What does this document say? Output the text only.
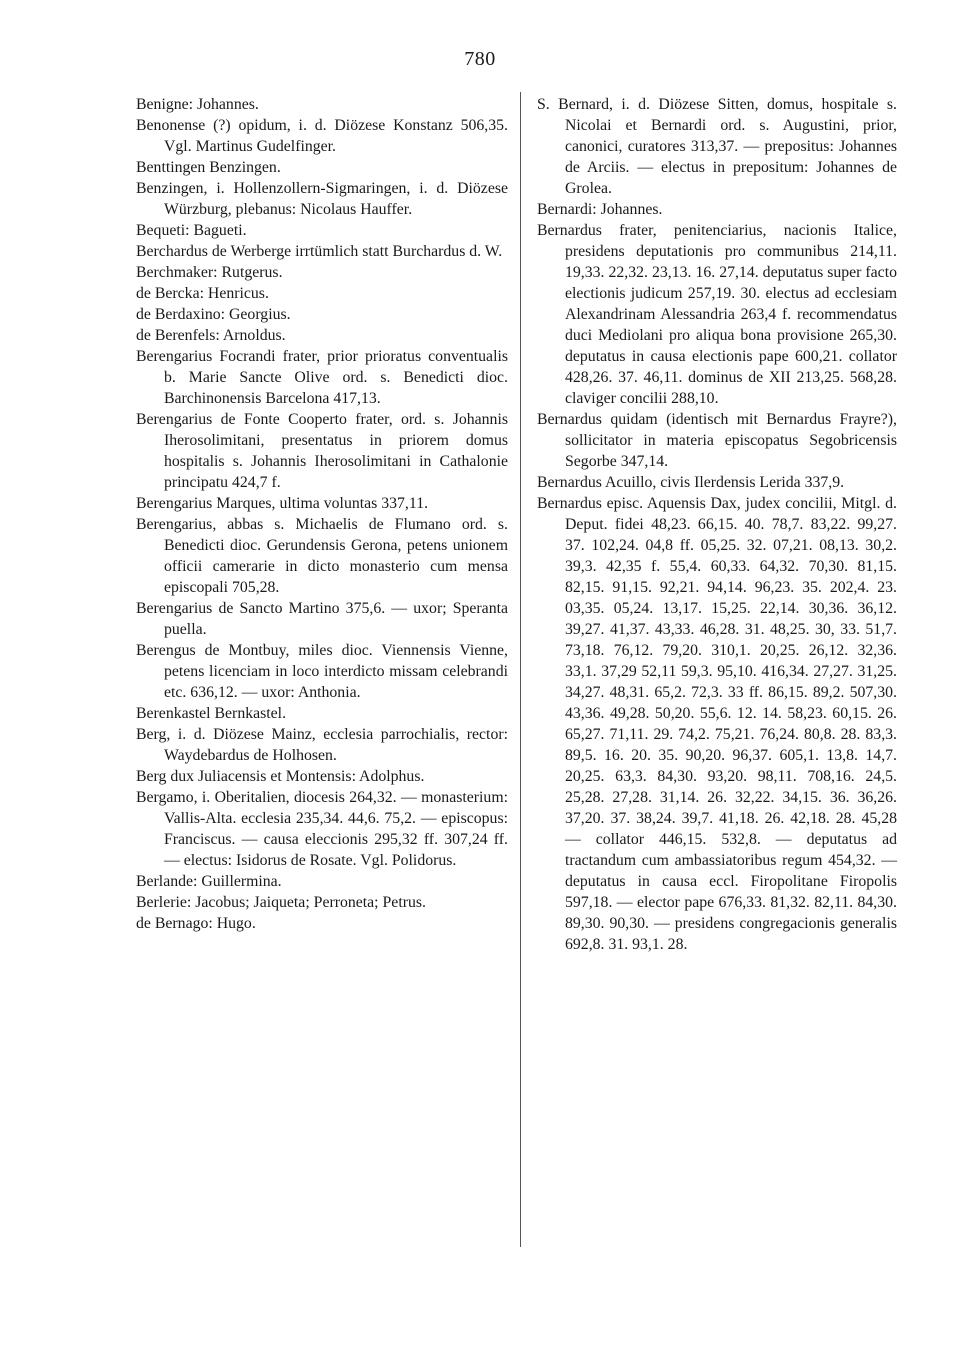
780

Benigne: Johannes.

Benonense (?) opidum, i. d. Diözese Konstanz 506,35. Vgl. Martinus Gudelfinger.

Benttingen Benzingen.

Benzingen, i. Hollenzollern-Sigmaringen, i. d. Diözese Würzburg, plebanus: Nicolaus Hauffer.

Bequeti: Bagueti.

Berchardus de Werberge irrtümlich statt Burchardus d. W.

Berchmaker: Rutgerus.

de Bercka: Henricus.

de Berdaxino: Georgius.

de Berenfels: Arnoldus.

Berengarius Focrandi frater, prior prioratus conventualis b. Marie Sancte Olive ord. s. Benedicti dioc. Barchinonensis Barcelona 417,13.

Berengarius de Fonte Cooperto frater, ord. s. Johannis Iherosolimitani, presentatus in priorem domus hospitalis s. Johannis Iherosolimitani in Cathalonie principatu 424,7 f.

Berengarius Marques, ultima voluntas 337,11.

Berengarius, abbas s. Michaelis de Flumano ord. s. Benedicti dioc. Gerundensis Gerona, petens unionem officii camerarie in dicto monasterio cum mensa episcopali 705,28.

Berengarius de Sancto Martino 375,6. — uxor; Speranta puella.

Berengus de Montbuy, miles dioc. Viennensis Vienne, petens licenciam in loco interdicto missam celebrandi etc. 636,12. — uxor: Anthonia.

Berenkastel Bernkastel.

Berg, i. d. Diözese Mainz, ecclesia parrochialis, rector: Waydebardus de Holhosen.

Berg dux Juliacensis et Montensis: Adolphus.

Bergamo, i. Oberitalien, diocesis 264,32. — monasterium: Vallis-Alta. ecclesia 235,34. 44,6. 75,2. — episcopus: Franciscus. — causa eleccionis 295,32 ff. 307,24 ff. — electus: Isidorus de Rosate. Vgl. Polidorus.

Berlande: Guillermina.

Berlerie: Jacobus; Jaiqueta; Perroneta; Petrus.

de Bernago: Hugo.

S. Bernard, i. d. Diözese Sitten, domus, hospitale s. Nicolai et Bernardi ord. s. Augustini, prior, canonici, curatores 313,37. — prepositus: Johannes de Arciis. — electus in prepositum: Johannes de Grolea.

Bernardi: Johannes.

Bernardus frater, penitenciarius, nacionis Italice, presidens deputationis pro communibus 214,11. 19,33. 22,32. 23,13. 16. 27,14. deputatus super facto electionis judicum 257,19. 30. electus ad ecclesiam Alexandrinam Alessandria 263,4 f. recommendatus duci Mediolani pro aliqua bona provisione 265,30. deputatus in causa electionis pape 600,21. collator 428,26. 37. 46,11. dominus de XII 213,25. 568,28. claviger concilii 288,10.

Bernardus quidam (identisch mit Bernardus Frayre?), sollicitator in materia episcopatus Segobricensis Segorbe 347,14.

Bernardus Acuillo, civis Ilerdensis Lerida 337,9.

Bernardus episc. Aquensis Dax, judex concilii, Mitgl. d. Deput. fidei 48,23. 66,15. 40. 78,7. 83,22. 99,27. 37. 102,24. 04,8 ff. 05,25. 32. 07,21. 08,13. 30,2. 39,3. 42,35 f. 55,4. 60,33. 64,32. 70,30. 81,15. 82,15. 91,15. 92,21. 94,14. 96,23. 35. 202,4. 23. 03,35. 05,24. 13,17. 15,25. 22,14. 30,36. 36,12. 39,27. 41,37. 43,33. 46,28. 31. 48,25. 30, 33. 51,7. 73,18. 76,12. 79,20. 310,1. 20,25. 26,12. 32,36. 33,1. 37,29 52,11 59,3. 95,10. 416,34. 27,27. 31,25. 34,27. 48,31. 65,2. 72,3. 33 ff. 86,15. 89,2. 507,30. 43,36. 49,28. 50,20. 55,6. 12. 14. 58,23. 60,15. 26. 65,27. 71,11. 29. 74,2. 75,21. 76,24. 80,8. 28. 83,3. 89,5. 16. 20. 35. 90,20. 96,37. 605,1. 13,8. 14,7. 20,25. 63,3. 84,30. 93,20. 98,11. 708,16. 24,5. 25,28. 27,28. 31,14. 26. 32,22. 34,15. 36. 36,26. 37,20. 37. 38,24. 39,7. 41,18. 26. 42,18. 28. 45,28 — collator 446,15. 532,8. — deputatus ad tractandum cum ambassiatoribus regum 454,32. — deputatus in causa eccl. Firopolitane Firopolis 597,18. — elector pape 676,33. 81,32. 82,11. 84,30. 89,30. 90,30. — presidens congregacionis generalis 692,8. 31. 93,1. 28.
